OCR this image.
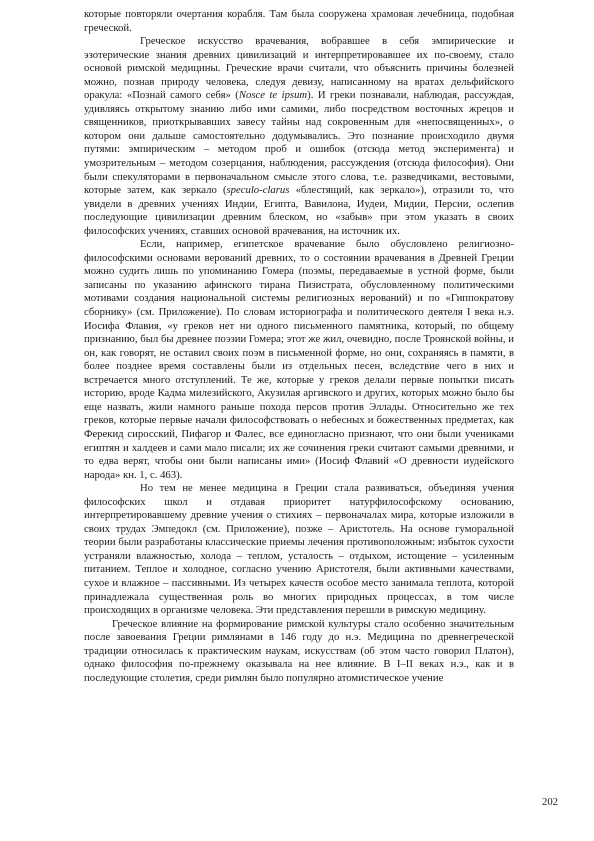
которые повторяли очертания корабля. Там была сооружена храмовая лечебница, подобная греческой.

Греческое искусство врачевания, вобравшее в себя эмпирические и эзотерические знания древних цивилизаций и интерпретировавшее их по-своему, стало основой римской медицины. Греческие врачи считали, что объяснить причины болезней можно, познав природу человека, следуя девизу, написанному на вратах дельфийского оракула: «Познай самого себя» (Nosce te ipsum). И греки познавали, наблюдая, рассуждая, удивляясь открытому знанию либо ими самими, либо посредством восточных жрецов и священников, приоткрывавших завесу тайны над сокровенным для «непосвященных», о котором они дальше самостоятельно додумывались. Это познание происходило двумя путями: эмпирическим – методом проб и ошибок (отсюда метод эксперимента) и умозрительным – методом созерцания, наблюдения, рассуждения (отсюда философия). Они были спекуляторами в первоначальном смысле этого слова, т.е. разведчиками, вестовыми, которые затем, как зеркало (speculo-clarus «блестящий, как зеркало»), отразили то, что увидели в древних учениях Индии, Египта, Вавилона, Иудеи, Мидии, Персии, ослепив последующие цивилизации древним блеском, но «забыв» при этом указать в своих философских учениях, ставших основой врачевания, на источник их.

Если, например, египетское врачевание было обусловлено религиозно-философскими основами верований древних, то о состоянии врачевания в Древней Греции можно судить лишь по упоминанию Гомера (поэмы, передаваемые в устной форме, были записаны по указанию афинского тирана Пизистрата, обусловленному политическими мотивами создания национальной системы религиозных верований) и по «Гиппократову сборнику» (см. Приложение). По словам историографа и политического деятеля I века н.э. Иосифа Флавия, «у греков нет ни одного письменного памятника, который, по общему признанию, был бы древнее поэзии Гомера; этот же жил, очевидно, после Троянской войны, и он, как говорят, не оставил своих поэм в письменной форме, но они, сохраняясь в памяти, в более позднее время составлены были из отдельных песен, вследствие чего в них и встречается много отступлений. Те же, которые у греков делали первые попытки писать историю, вроде Кадма милезийского, Акузилая аргивского и других, которых можно было бы еще назвать, жили намного раньше похода персов против Эллады. Относительно же тех греков, которые первые начали философствовать о небесных и божественных предметах, как Ферекид сиросский, Пифагор и Фалес, все единогласно признают, что они были учениками египтян и халдеев и сами мало писали; их же сочинения греки считают самыми древними, и то едва верят, чтобы они были написаны ими» (Иосиф Флавий «О древности иудейского народа» кн. 1, с. 463).

Но тем не менее медицина в Греции стала развиваться, объединяя учения философских школ и отдавая приоритет натурфилософскому основанию, интерпретировавшему древние учения о стихиях – первоначалах мира, которые изложили в своих трудах Эмпедокл (см. Приложение), позже – Аристотель. На основе гуморальной теории были разработаны классические приемы лечения противоположным: избыток сухости устраняли влажностью, холода – теплом, усталость – отдыхом, истощение – усиленным питанием. Теплое и холодное, согласно учению Аристотеля, были активными качествами, сухое и влажное – пассивными. Из четырех качеств особое место занимала теплота, которой принадлежала существенная роль во многих природных процессах, в том числе происходящих в организме человека. Эти представления перешли в римскую медицину.

Греческое влияние на формирование римской культуры стало особенно значительным после завоевания Греции римлянами в 146 году до н.э. Медицина по древнегреческой традиции относилась к практическим наукам, искусствам (об этом часто говорил Платон), однако философия по-прежнему оказывала на нее влияние. В I–II веках н.э., как и в последующие столетия, среди римлян было популярно атомистическое учение

202
